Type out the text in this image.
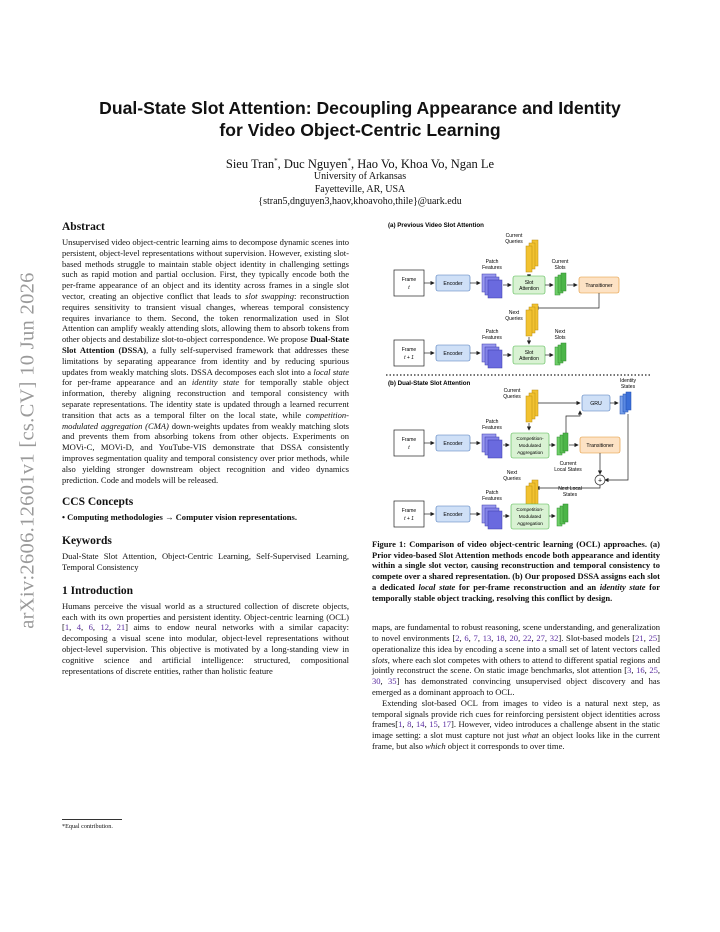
arXiv:2606.12601v1 [cs.CV] 10 Jun 2026
Dual-State Slot Attention: Decoupling Appearance and Identity
for Video Object-Centric Learning
Sieu Tran*, Duc Nguyen*, Hao Vo, Khoa Vo, Ngan Le
University of Arkansas
Fayetteville, AR, USA
{stran5,dnguyen3,haov,khoavoho,thile}@uark.edu
Abstract

Unsupervised video object-centric learning aims to decompose dynamic scenes into persistent, object-level representations without supervision. However, existing slot-based methods struggle to maintain stable object identity in challenging settings such as rapid motion and partial occlusion. First, they typically encode both the per-frame appearance of an object and its identity across frames in a single slot vector, creating an objective conflict that leads to slot swapping: reconstruction requires sensitivity to transient visual changes, whereas temporal consistency requires invariance to them. Second, the token renormalization used in Slot Attention can amplify weakly attending slots, allowing them to absorb tokens from other objects and destabilize slot-to-object correspondence. We propose Dual-State Slot Attention (DSSA), a fully self-supervised framework that addresses these limitations by separating appearance from identity and by reducing spurious updates from weakly matching slots. DSSA decomposes each slot into a local state for per-frame appearance and an identity state for temporally stable object information, thereby aligning reconstruction and temporal consistency with separate representations. The identity state is updated through a learned recurrent transition that acts as a temporal filter on the local state, while competition-modulated aggregation (CMA) down-weights updates from weakly matching slots and prevents them from absorbing tokens from other objects. Experiments on MOVi-C, MOVi-D, and YouTube-VIS demonstrate that DSSA consistently improves segmentation quality and temporal consistency over prior methods, while also yielding stronger downstream object recognition and video dynamics prediction. Code and models will be released.

CCS Concepts

• Computing methodologies → Computer vision representations.

Keywords

Dual-State Slot Attention, Object-Centric Learning, Self-Supervised Learning, Temporal Consistency

1 Introduction

Humans perceive the visual world as a structured collection of discrete objects, each with its own properties and persistent identity. Object-centric learning (OCL) [1, 4, 6, 12, 21] aims to endow neural networks with a similar capacity: decomposing a visual scene into modular, object-level representations without object-level supervision. This objective is motivated by a long-standing view in cognitive science and artificial intelligence: structured, compositional representations of discrete entities, rather than holistic feature

*Equal contribution.
(a) Previous Video Slot Attention
Current
Queries
Frame
t
Encoder
Patch
Features
Slot
Attention
Current
Slots
Transitioner
Next
Queries
Frame
t + 1
Encoder
Patch
Features
Slot
Attention
Next
Slots
(b) Dual-State Slot Attention
Current
Queries
GRU
Identity
States
Frame
t
Encoder
Patch
Features
Competition-
Modulated
Aggregation
Current
Local States
Transitioner
+
Next
Queries
Frame
t + 1
Encoder
Patch
Features
Competition-
Modulated
Aggregation
Next Local
States

Figure 1: Comparison of video object-centric learning (OCL) approaches. (a) Prior video-based Slot Attention methods encode both appearance and identity within a single slot vector, causing reconstruction and temporal consistency to compete over a shared representation. (b) Our proposed DSSA assigns each slot a dedicated local state for per-frame reconstruction and an identity state for temporally stable object tracking, resolving this conflict by design.

maps, are fundamental to robust reasoning, scene understanding, and generalization to novel environments [2, 6, 7, 13, 18, 20, 22, 27, 32]. Slot-based models [21, 25] operationalize this idea by encoding a scene into a small set of latent vectors called slots, where each slot competes with others to attend to different spatial regions and jointly reconstruct the scene. On static image benchmarks, slot attention [3, 16, 25, 30, 35] has demonstrated convincing unsupervised object discovery and has emerged as a dominant approach to OCL.

Extending slot-based OCL from images to video is a natural next step, as temporal signals provide rich cues for reinforcing persistent object identities across frames[1, 8, 14, 15, 17]. However, video introduces a challenge absent in the static image setting: a slot must capture not just what an object looks like in the current frame, but also which object it corresponds to over time.
